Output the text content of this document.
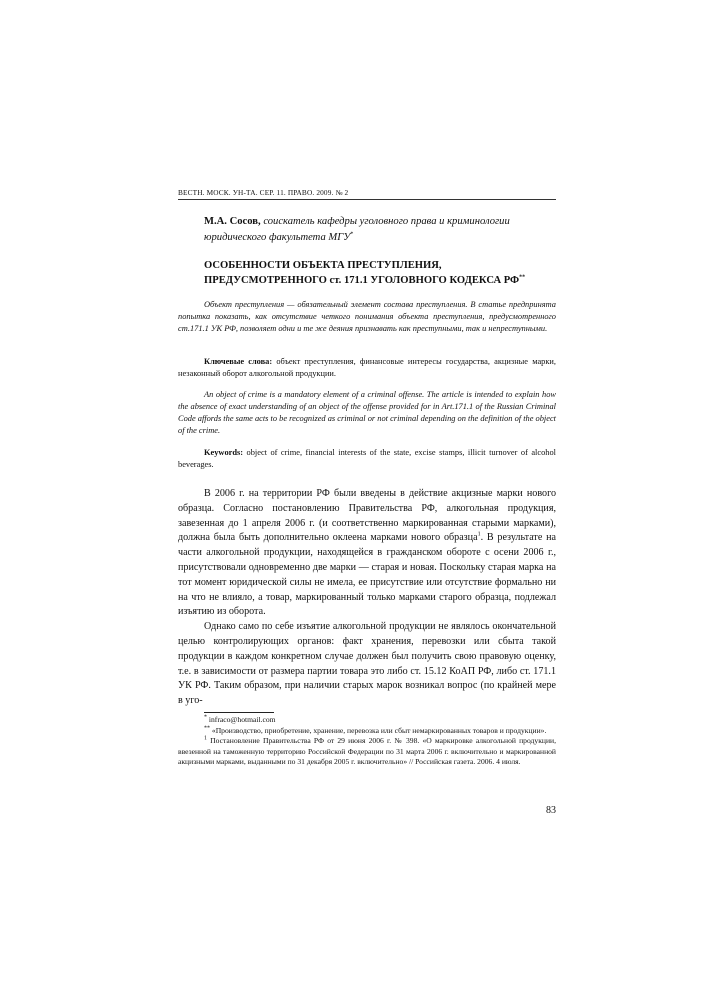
ВЕСТН. МОСК. УН-ТА. СЕР. 11. ПРАВО. 2009. № 2
М.А. Сосов, соискатель кафедры уголовного права и криминологии юридического факультета МГУ*
ОСОБЕННОСТИ ОБЪЕКТА ПРЕСТУПЛЕНИЯ, ПРЕДУСМОТРЕННОГО ст. 171.1 УГОЛОВНОГО КОДЕКСА РФ**

Объект преступления — обязательный элемент состава преступления. В статье предпринята попытка показать, как отсутствие четкого понимания объекта преступления, предусмотренного ст.171.1 УК РФ, позволяет одни и те же деяния признавать как преступными, так и непреступными.

Ключевые слова: объект преступления, финансовые интересы государства, акцизные марки, незаконный оборот алкогольной продукции.

An object of crime is a mandatory element of a criminal offense. The article is intended to explain how the absence of exact understanding of an object of the offense provided for in Art.171.1 of the Russian Criminal Code affords the same acts to be recognized as criminal or not criminal depending on the definition of the object of the crime.

Keywords: object of crime, financial interests of the state, excise stamps, illicit turnover of alcohol beverages.

В 2006 г. на территории РФ были введены в действие акцизные марки нового образца. Согласно постановлению Правительства РФ, алкогольная продукция, завезенная до 1 апреля 2006 г. (и соответственно маркированная старыми марками), должна была быть дополнительно оклеена марками нового образца$^1$. В результате на части алкогольной продукции, находящейся в гражданском обороте с осени 2006 г., присутствовали одновременно две марки — старая и новая. Поскольку старая марка на тот момент юридической силы не имела, ее присутствие или отсутствие формально ни на что не влияло, а товар, маркированный только марками старого образца, подлежал изъятию из оборота.

Однако само по себе изъятие алкогольной продукции не являлось окончательной целью контролирующих органов: факт хранения, перевозки или сбыта такой продукции в каждом конкретном случае должен был получить свою правовую оценку, т.е. в зависимости от размера партии товара это либо ст. 15.12 КоАП РФ, либо ст. 171.1 УК РФ. Таким образом, при наличии старых марок возникал вопрос (по крайней мере в уго-

* infraco@hotmail.com

** «Производство, приобретение, хранение, перевозка или сбыт немаркированных товаров и продукции».

$^1$ Постановление Правительства РФ от 29 июня 2006 г. № 398. «О маркировке алкогольной продукции, ввезенной на таможенную территорию Российской Федерации по 31 марта 2006 г. включительно и маркированной акцизными марками, выданными по 31 декабря 2005 г. включительно» // Российская газета. 2006. 4 июля.

83
